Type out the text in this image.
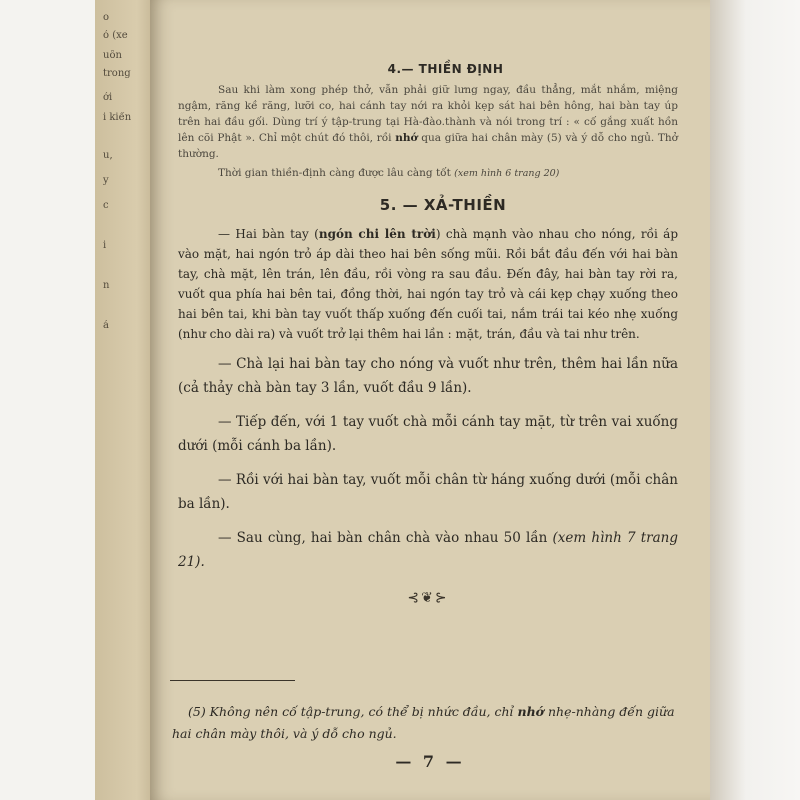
o
ó (xe
uôn
trong
ới
i kiến
u,
y
c
i
n
á
4.— THIỀN ĐỊNH

Sau khi làm xong phép thở, vẫn phải giữ lưng ngay, đầu thẳng, mắt nhắm, miệng ngậm, răng kề răng, lưỡi co, hai cánh tay nới ra khỏi kẹp sát hai bên hông, hai bàn tay úp trên hai đầu gối. Dùng trí ý tập-trung tại Hà-đào.thành và nói trong trí : « cố gắng xuất hồn lên cõi Phật ». Chỉ một chút đó thôi, rồi nhớ qua giữa hai chân mày (5) và ý dỗ cho ngủ. Thở thường.

Thời gian thiền-định càng được lâu càng tốt (xem hình 6 trang 20)

5. — XẢ-THIỀN

— Hai bàn tay (ngón chi lên trời) chà mạnh vào nhau cho nóng, rồi áp vào mặt, hai ngón trỏ áp dài theo hai bên sống mũi. Rồi bắt đầu đến với hai bàn tay, chà mặt, lên trán, lên đầu, rồi vòng ra sau đầu. Đến đây, hai bàn tay rời ra, vuốt qua phía hai bên tai, đồng thời, hai ngón tay trỏ và cái kẹp chạy xuống theo hai bên tai, khi bàn tay vuốt thấp xuống đến cuối tai, nắm trái tai kéo nhẹ xuống (như cho dài ra) và vuốt trở lại thêm hai lần : mặt, trán, đầu và tai như trên.

— Chà lại hai bàn tay cho nóng và vuốt như trên, thêm hai lần nữa (cả thảy chà bàn tay 3 lần, vuốt đầu 9 lần).

— Tiếp đến, với 1 tay vuốt chà mỗi cánh tay mặt, từ trên vai xuống dưới (mỗi cánh ba lần).

— Rồi với hai bàn tay, vuốt mỗi chân từ háng xuống dưới (mỗi chân ba lần).

— Sau cùng, hai bàn chân chà vào nhau 50 lần (xem hình 7 trang 21).

⊰❦⊱

(5) Không nên cố tập-trung, có thể bị nhức đầu, chỉ nhớ nhẹ-nhàng đến giữa hai chân mày thôi, và ý dỗ cho ngủ.

— 7 —
